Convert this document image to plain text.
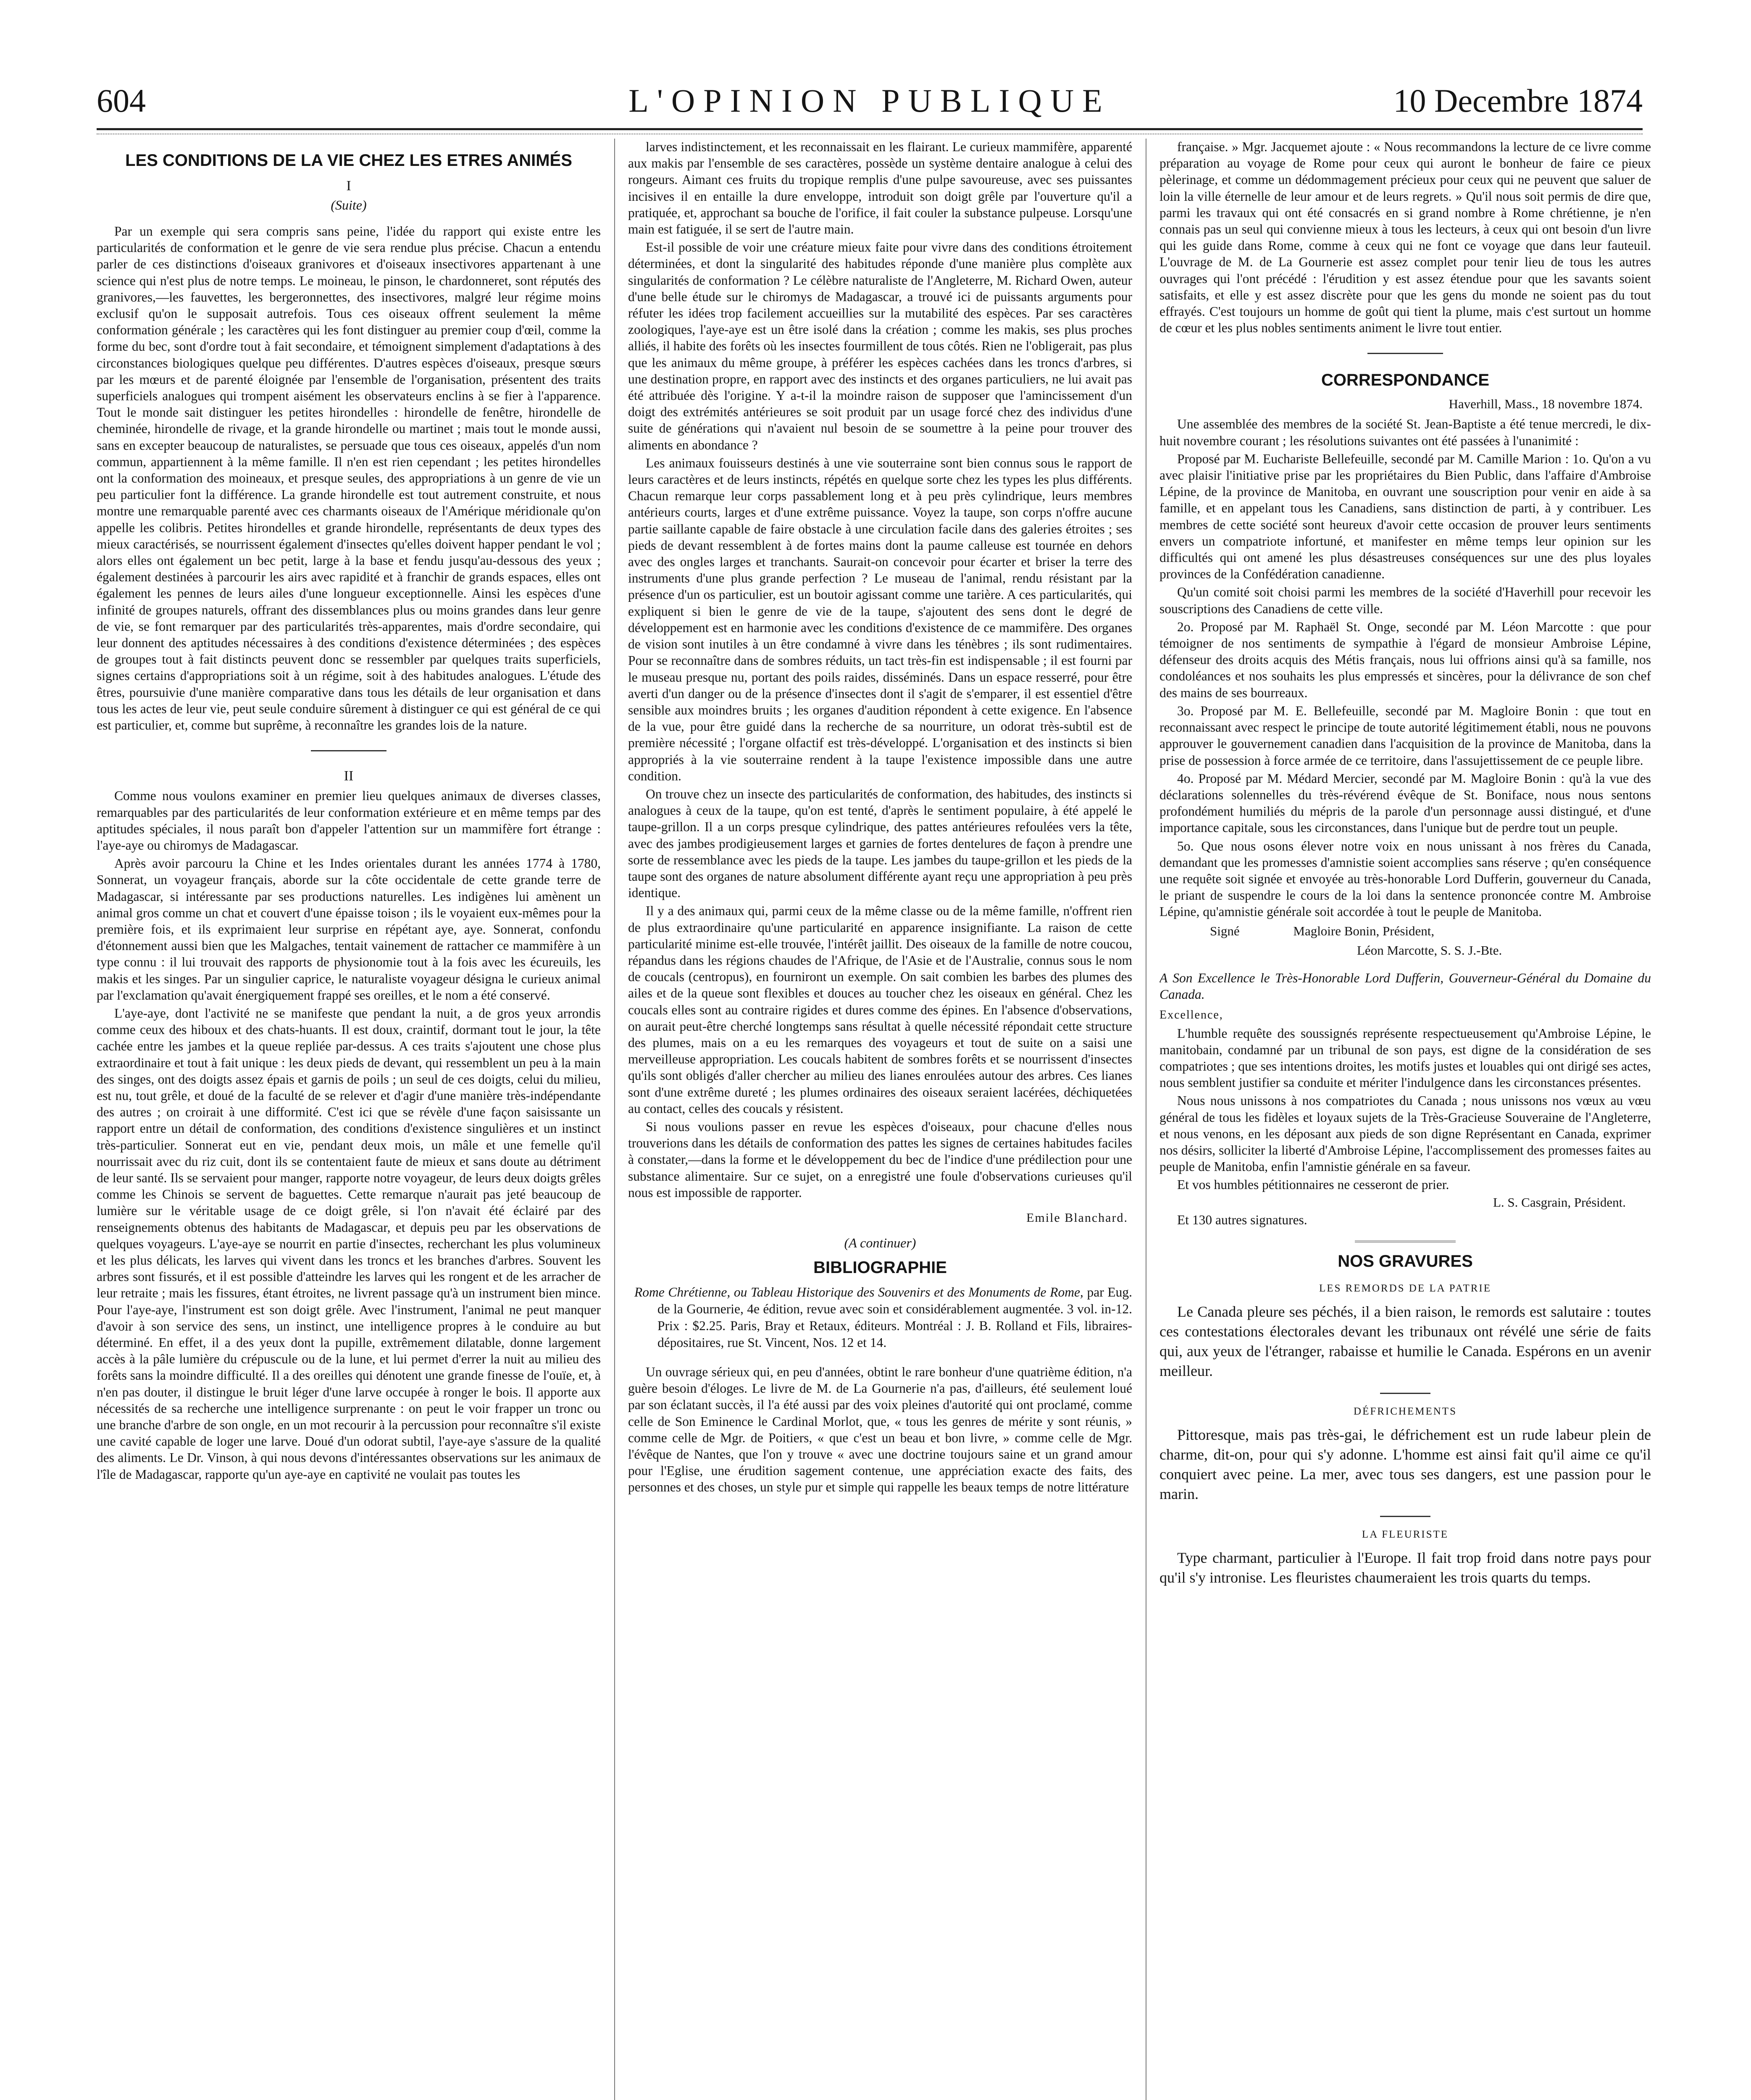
604	L'OPINION PUBLIQUE	10 Decembre 1874
LES CONDITIONS DE LA VIE CHEZ LES ETRES ANIMÉS
I
(Suite)

Par un exemple qui sera compris sans peine, l'idée du rapport qui existe entre les particularités de conformation et le genre de vie sera rendue plus précise. Chacun a entendu parler de ces distinctions d'oiseaux granivores et d'oiseaux insectivores appartenant à une science qui n'est plus de notre temps. Le moineau, le pinson, le chardonneret, sont réputés des granivores,—les fauvettes, les bergeronnettes, des insectivores, malgré leur régime moins exclusif qu'on le supposait autrefois. Tous ces oiseaux offrent seulement la même conformation générale ; les caractères qui les font distinguer au premier coup d'œil, comme la forme du bec, sont d'ordre tout à fait secondaire, et témoignent simplement d'adaptations à des circonstances biologiques quelque peu différentes. D'autres espèces d'oiseaux, presque sœurs par les mœurs et de parenté éloignée par l'ensemble de l'organisation, présentent des traits superficiels analogues qui trompent aisément les observateurs enclins à se fier à l'apparence. Tout le monde sait distinguer les petites hirondelles : hirondelle de fenêtre, hirondelle de cheminée, hirondelle de rivage, et la grande hirondelle ou martinet ; mais tout le monde aussi, sans en excepter beaucoup de naturalistes, se persuade que tous ces oiseaux, appelés d'un nom commun, appartiennent à la même famille. Il n'en est rien cependant ; les petites hirondelles ont la conformation des moineaux, et presque seules, des appropriations à un genre de vie un peu particulier font la différence. La grande hirondelle est tout autrement construite, et nous montre une remarquable parenté avec ces charmants oiseaux de l'Amérique méridionale qu'on appelle les colibris. Petites hirondelles et grande hirondelle, représentants de deux types des mieux caractérisés, se nourrissent également d'insectes qu'elles doivent happer pendant le vol ; alors elles ont également un bec petit, large à la base et fendu jusqu'au-dessous des yeux ; également destinées à parcourir les airs avec rapidité et à franchir de grands espaces, elles ont également les pennes de leurs ailes d'une longueur exceptionnelle. Ainsi les espèces d'une infinité de groupes naturels, offrant des dissemblances plus ou moins grandes dans leur genre de vie, se font remarquer par des particularités très-apparentes, mais d'ordre secondaire, qui leur donnent des aptitudes nécessaires à des conditions d'existence déterminées ; des espèces de groupes tout à fait distincts peuvent donc se ressembler par quelques traits superficiels, signes certains d'appropriations soit à un régime, soit à des habitudes analogues. L'étude des êtres, poursuivie d'une manière comparative dans tous les détails de leur organisation et dans tous les actes de leur vie, peut seule conduire sûrement à distinguer ce qui est général de ce qui est particulier, et, comme but suprême, à reconnaître les grandes lois de la nature.

II

Comme nous voulons examiner en premier lieu quelques animaux de diverses classes, remarquables par des particularités de leur conformation extérieure et en même temps par des aptitudes spéciales, il nous paraît bon d'appeler l'attention sur un mammifère fort étrange : l'aye-aye ou chiromys de Madagascar.

Après avoir parcouru la Chine et les Indes orientales durant les années 1774 à 1780, Sonnerat, un voyageur français, aborde sur la côte occidentale de cette grande terre de Madagascar, si intéressante par ses productions naturelles. Les indigènes lui amènent un animal gros comme un chat et couvert d'une épaisse toison ; ils le voyaient eux-mêmes pour la première fois, et ils exprimaient leur surprise en répétant aye, aye. Sonnerat, confondu d'étonnement aussi bien que les Malgaches, tentait vainement de rattacher ce mammifère à un type connu : il lui trouvait des rapports de physionomie tout à la fois avec les écureuils, les makis et les singes. Par un singulier caprice, le naturaliste voyageur désigna le curieux animal par l'exclamation qu'avait énergiquement frappé ses oreilles, et le nom a été conservé.

L'aye-aye, dont l'activité ne se manifeste que pendant la nuit, a de gros yeux arrondis comme ceux des hiboux et des chats-huants. Il est doux, craintif, dormant tout le jour, la tête cachée entre les jambes et la queue repliée par-dessus. A ces traits s'ajoutent une chose plus extraordinaire et tout à fait unique : les deux pieds de devant, qui ressemblent un peu à la main des singes, ont des doigts assez épais et garnis de poils ; un seul de ces doigts, celui du milieu, est nu, tout grêle, et doué de la faculté de se relever et d'agir d'une manière très-indépendante des autres ; on croirait à une difformité. C'est ici que se révèle d'une façon saisissante un rapport entre un détail de conformation, des conditions d'existence singulières et un instinct très-particulier. Sonnerat eut en vie, pendant deux mois, un mâle et une femelle qu'il nourrissait avec du riz cuit, dont ils se contentaient faute de mieux et sans doute au détriment de leur santé. Ils se servaient pour manger, rapporte notre voyageur, de leurs deux doigts grêles comme les Chinois se servent de baguettes. Cette remarque n'aurait pas jeté beaucoup de lumière sur le véritable usage de ce doigt grêle, si l'on n'avait été éclairé par des renseignements obtenus des habitants de Madagascar, et depuis peu par les observations de quelques voyageurs. L'aye-aye se nourrit en partie d'insectes, recherchant les plus volumineux et les plus délicats, les larves qui vivent dans les troncs et les branches d'arbres. Souvent les arbres sont fissurés, et il est possible d'atteindre les larves qui les rongent et de les arracher de leur retraite ; mais les fissures, étant étroites, ne livrent passage qu'à un instrument bien mince. Pour l'aye-aye, l'instrument est son doigt grêle. Avec l'instrument, l'animal ne peut manquer d'avoir à son service des sens, un instinct, une intelligence propres à le conduire au but déterminé. En effet, il a des yeux dont la pupille, extrêmement dilatable, donne largement accès à la pâle lumière du crépuscule ou de la lune, et lui permet d'errer la nuit au milieu des forêts sans la moindre difficulté. Il a des oreilles qui dénotent une grande finesse de l'ouïe, et, à n'en pas douter, il distingue le bruit léger d'une larve occupée à ronger le bois. Il apporte aux nécessités de sa recherche une intelligence surprenante : on peut le voir frapper un tronc ou une branche d'arbre de son ongle, en un mot recourir à la percussion pour reconnaître s'il existe une cavité capable de loger une larve. Doué d'un odorat subtil, l'aye-aye s'assure de la qualité des aliments. Le Dr. Vinson, à qui nous devons d'intéressantes observations sur les animaux de l'île de Madagascar, rapporte qu'un aye-aye en captivité ne voulait pas toutes les

larves indistinctement, et les reconnaissait en les flairant. Le curieux mammifère, apparenté aux makis par l'ensemble de ses caractères, possède un système dentaire analogue à celui des rongeurs. Aimant ces fruits du tropique remplis d'une pulpe savoureuse, avec ses puissantes incisives il en entaille la dure enveloppe, introduit son doigt grêle par l'ouverture qu'il a pratiquée, et, approchant sa bouche de l'orifice, il fait couler la substance pulpeuse. Lorsqu'une main est fatiguée, il se sert de l'autre main.

Est-il possible de voir une créature mieux faite pour vivre dans des conditions étroitement déterminées, et dont la singularité des habitudes réponde d'une manière plus complète aux singularités de conformation ? Le célèbre naturaliste de l'Angleterre, M. Richard Owen, auteur d'une belle étude sur le chiromys de Madagascar, a trouvé ici de puissants arguments pour réfuter les idées trop facilement accueillies sur la mutabilité des espèces. Par ses caractères zoologiques, l'aye-aye est un être isolé dans la création ; comme les makis, ses plus proches alliés, il habite des forêts où les insectes fourmillent de tous côtés. Rien ne l'obligerait, pas plus que les animaux du même groupe, à préférer les espèces cachées dans les troncs d'arbres, si une destination propre, en rapport avec des instincts et des organes particuliers, ne lui avait pas été attribuée dès l'origine. Y a-t-il la moindre raison de supposer que l'amincissement d'un doigt des extrémités antérieures se soit produit par un usage forcé chez des individus d'une suite de générations qui n'avaient nul besoin de se soumettre à la peine pour trouver des aliments en abondance ?

Les animaux fouisseurs destinés à une vie souterraine sont bien connus sous le rapport de leurs caractères et de leurs instincts, répétés en quelque sorte chez les types les plus différents. Chacun remarque leur corps passablement long et à peu près cylindrique, leurs membres antérieurs courts, larges et d'une extrême puissance. Voyez la taupe, son corps n'offre aucune partie saillante capable de faire obstacle à une circulation facile dans des galeries étroites ; ses pieds de devant ressemblent à de fortes mains dont la paume calleuse est tournée en dehors avec des ongles larges et tranchants. Saurait-on concevoir pour écarter et briser la terre des instruments d'une plus grande perfection ? Le museau de l'animal, rendu résistant par la présence d'un os particulier, est un boutoir agissant comme une tarière. A ces particularités, qui expliquent si bien le genre de vie de la taupe, s'ajoutent des sens dont le degré de développement est en harmonie avec les conditions d'existence de ce mammifère. Des organes de vision sont inutiles à un être condamné à vivre dans les ténèbres ; ils sont rudimentaires. Pour se reconnaître dans de sombres réduits, un tact très-fin est indispensable ; il est fourni par le museau presque nu, portant des poils raides, disséminés. Dans un espace resserré, pour être averti d'un danger ou de la présence d'insectes dont il s'agit de s'emparer, il est essentiel d'être sensible aux moindres bruits ; les organes d'audition répondent à cette exigence. En l'absence de la vue, pour être guidé dans la recherche de sa nourriture, un odorat très-subtil est de première nécessité ; l'organe olfactif est très-développé. L'organisation et des instincts si bien appropriés à la vie souterraine rendent à la taupe l'existence impossible dans une autre condition.

On trouve chez un insecte des particularités de conformation, des habitudes, des instincts si analogues à ceux de la taupe, qu'on est tenté, d'après le sentiment populaire, à été appelé le taupe-grillon. Il a un corps presque cylindrique, des pattes antérieures refoulées vers la tête, avec des jambes prodigieusement larges et garnies de fortes dentelures de façon à prendre une sorte de ressemblance avec les pieds de la taupe. Les jambes du taupe-grillon et les pieds de la taupe sont des organes de nature absolument différente ayant reçu une appropriation à peu près identique.

Il y a des animaux qui, parmi ceux de la même classe ou de la même famille, n'offrent rien de plus extraordinaire qu'une particularité en apparence insignifiante. La raison de cette particularité minime est-elle trouvée, l'intérêt jaillit. Des oiseaux de la famille de notre coucou, répandus dans les régions chaudes de l'Afrique, de l'Asie et de l'Australie, connus sous le nom de coucals (centropus), en fourniront un exemple. On sait combien les barbes des plumes des ailes et de la queue sont flexibles et douces au toucher chez les oiseaux en général. Chez les coucals elles sont au contraire rigides et dures comme des épines. En l'absence d'observations, on aurait peut-être cherché longtemps sans résultat à quelle nécessité répondait cette structure des plumes, mais on a eu les remarques des voyageurs et tout de suite on a saisi une merveilleuse appropriation. Les coucals habitent de sombres forêts et se nourrissent d'insectes qu'ils sont obligés d'aller chercher au milieu des lianes enroulées autour des arbres. Ces lianes sont d'une extrême dureté ; les plumes ordinaires des oiseaux seraient lacérées, déchiquetées au contact, celles des coucals y résistent.

Si nous voulions passer en revue les espèces d'oiseaux, pour chacune d'elles nous trouverions dans les détails de conformation des pattes les signes de certaines habitudes faciles à constater,—dans la forme et le développement du bec de l'indice d'une prédilection pour une substance alimentaire. Sur ce sujet, on a enregistré une foule d'observations curieuses qu'il nous est impossible de rapporter.

Emile Blanchard.
(A continuer)
BIBLIOGRAPHIE
Rome Chrétienne, ou Tableau Historique des Souvenirs et des Monuments de Rome, par Eug. de la Gournerie, 4e édition, revue avec soin et considérablement augmentée. 3 vol. in-12. Prix : $2.25. Paris, Bray et Retaux, éditeurs. Montréal : J. B. Rolland et Fils, libraires-dépositaires, rue St. Vincent, Nos. 12 et 14.

Un ouvrage sérieux qui, en peu d'années, obtint le rare bonheur d'une quatrième édition, n'a guère besoin d'éloges. Le livre de M. de La Gournerie n'a pas, d'ailleurs, été seulement loué par son éclatant succès, il l'a été aussi par des voix pleines d'autorité qui ont proclamé, comme celle de Son Eminence le Cardinal Morlot, que, « tous les genres de mérite y sont réunis, » comme celle de Mgr. de Poitiers, « que c'est un beau et bon livre, » comme celle de Mgr. l'évêque de Nantes, que l'on y trouve « avec une doctrine toujours saine et un grand amour pour l'Eglise, une érudition sagement contenue, une appréciation exacte des faits, des personnes et des choses, un style pur et simple qui rappelle les beaux temps de notre littérature

française. » Mgr. Jacquemet ajoute : « Nous recommandons la lecture de ce livre comme préparation au voyage de Rome pour ceux qui auront le bonheur de faire ce pieux pèlerinage, et comme un dédommagement précieux pour ceux qui ne peuvent que saluer de loin la ville éternelle de leur amour et de leurs regrets. » Qu'il nous soit permis de dire que, parmi les travaux qui ont été consacrés en si grand nombre à Rome chrétienne, je n'en connais pas un seul qui convienne mieux à tous les lecteurs, à ceux qui ont besoin d'un livre qui les guide dans Rome, comme à ceux qui ne font ce voyage que dans leur fauteuil. L'ouvrage de M. de La Gournerie est assez complet pour tenir lieu de tous les autres ouvrages qui l'ont précédé : l'érudition y est assez étendue pour que les savants soient satisfaits, et elle y est assez discrète pour que les gens du monde ne soient pas du tout effrayés. C'est toujours un homme de goût qui tient la plume, mais c'est surtout un homme de cœur et les plus nobles sentiments animent le livre tout entier.

CORRESPONDANCE
Haverhill, Mass., 18 novembre 1874.

Une assemblée des membres de la société St. Jean-Baptiste a été tenue mercredi, le dix-huit novembre courant ; les résolutions suivantes ont été passées à l'unanimité :

Proposé par M. Euchariste Bellefeuille, secondé par M. Camille Marion : 1o. Qu'on a vu avec plaisir l'initiative prise par les propriétaires du Bien Public, dans l'affaire d'Ambroise Lépine, de la province de Manitoba, en ouvrant une souscription pour venir en aide à sa famille, et en appelant tous les Canadiens, sans distinction de parti, à y contribuer. Les membres de cette société sont heureux d'avoir cette occasion de prouver leurs sentiments envers un compatriote infortuné, et manifester en même temps leur opinion sur les difficultés qui ont amené les plus désastreuses conséquences sur une des plus loyales provinces de la Confédération canadienne.

Qu'un comité soit choisi parmi les membres de la société d'Haverhill pour recevoir les souscriptions des Canadiens de cette ville.

2o. Proposé par M. Raphaël St. Onge, secondé par M. Léon Marcotte : que pour témoigner de nos sentiments de sympathie à l'égard de monsieur Ambroise Lépine, défenseur des droits acquis des Métis français, nous lui offrions ainsi qu'à sa famille, nos condoléances et nos souhaits les plus empressés et sincères, pour la délivrance de son chef des mains de ses bourreaux.

3o. Proposé par M. E. Bellefeuille, secondé par M. Magloire Bonin : que tout en reconnaissant avec respect le principe de toute autorité légitimement établi, nous ne pouvons approuver le gouvernement canadien dans l'acquisition de la province de Manitoba, dans la prise de possession à force armée de ce territoire, dans l'assujettissement de ce peuple libre.

4o. Proposé par M. Médard Mercier, secondé par M. Magloire Bonin : qu'à la vue des déclarations solennelles du très-révérend évêque de St. Boniface, nous nous sentons profondément humiliés du mépris de la parole d'un personnage aussi distingué, et d'une importance capitale, sous les circonstances, dans l'unique but de perdre tout un peuple.

5o. Que nous osons élever notre voix en nous unissant à nos frères du Canada, demandant que les promesses d'amnistie soient accomplies sans réserve ; qu'en conséquence une requête soit signée et envoyée au très-honorable Lord Dufferin, gouverneur du Canada, le priant de suspendre le cours de la loi dans la sentence prononcée contre M. Ambroise Lépine, qu'amnistie générale soit accordée à tout le peuple de Manitoba.

Signé	Magloire Bonin, Président,
Léon Marcotte, S. S. J.-Bte.
A Son Excellence le Très-Honorable Lord Dufferin, Gouverneur-Général du Domaine du Canada.
Excellence,

L'humble requête des soussignés représente respectueusement qu'Ambroise Lépine, le manitobain, condamné par un tribunal de son pays, est digne de la considération de ses compatriotes ; que ses intentions droites, les motifs justes et louables qui ont dirigé ses actes, nous semblent justifier sa conduite et mériter l'indulgence dans les circonstances présentes.

Nous nous unissons à nos compatriotes du Canada ; nous unissons nos vœux au vœu général de tous les fidèles et loyaux sujets de la Très-Gracieuse Souveraine de l'Angleterre, et nous venons, en les déposant aux pieds de son digne Représentant en Canada, exprimer nos désirs, solliciter la liberté d'Ambroise Lépine, l'accomplissement des promesses faites au peuple de Manitoba, enfin l'amnistie générale en sa faveur.

Et vos humbles pétitionnaires ne cesseront de prier.

L. S. Casgrain, Président.

Et 130 autres signatures.

NOS GRAVURES
LES REMORDS DE LA PATRIE

Le Canada pleure ses péchés, il a bien raison, le remords est salutaire : toutes ces contestations électorales devant les tribunaux ont révélé une série de faits qui, aux yeux de l'étranger, rabaisse et humilie le Canada. Espérons en un avenir meilleur.

DÉFRICHEMENTS

Pittoresque, mais pas très-gai, le défrichement est un rude labeur plein de charme, dit-on, pour qui s'y adonne. L'homme est ainsi fait qu'il aime ce qu'il conquiert avec peine. La mer, avec tous ses dangers, est une passion pour le marin.

LA FLEURISTE

Type charmant, particulier à l'Europe. Il fait trop froid dans notre pays pour qu'il s'y intronise. Les fleuristes chaumeraient les trois quarts du temps.
